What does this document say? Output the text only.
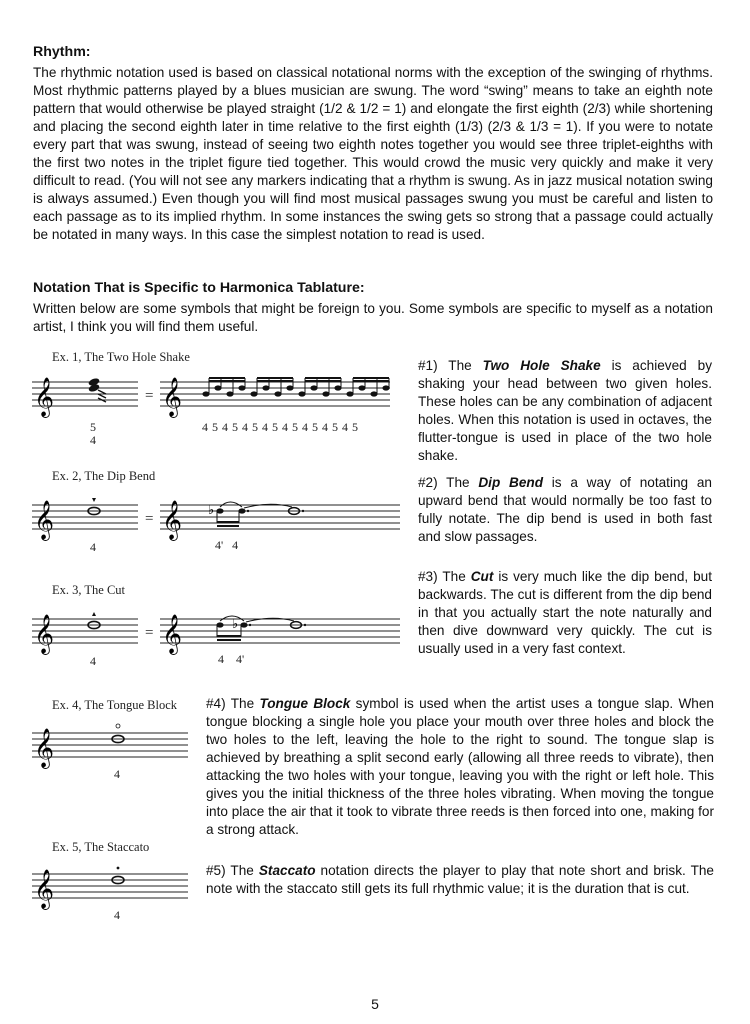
Rhythm:
The rhythmic notation used is based on classical notational norms with the exception of the swinging of rhythms. Most rhythmic patterns played by a blues musician are swung. The word “swing” means to take an eighth note pattern that would otherwise be played straight (1/2 & 1/2 = 1) and elongate the first eighth (2/3) while shortening and placing the second eighth later in time relative to the first eighth (1/3) (2/3 & 1/3 = 1). If you were to notate every part that was swung, instead of seeing two eighth notes together you would see three triplet-eighths with the first two notes in the triplet figure tied together. This would crowd the music very quickly and make it very difficult to read. (You will not see any markers indicating that a rhythm is swung. As in jazz musical notation swing is always assumed.) Even though you will find most musical passages swung you must be careful and listen to each passage as to its implied rhythm. In some instances the swing gets so strong that a passage could actually be notated in many ways. In this case the simplest notation to read is used.
Notation That is Specific to Harmonica Tablature:
Written below are some symbols that might be foreign to you. Some symbols are specific to myself as a notation artist, I think you will find them useful.
Ex. 1, The Two Hole Shake
𝄞
5
4
= 𝄞
4 5 4 5 4 5 4 5 4 5 4 5 4 5 4 5
#1) The Two Hole Shake is achieved by shaking your head between two given holes. These holes can be any combination of adjacent holes. When this notation is used in octaves, the flutter-tongue is used in place of the two hole shake.
Ex. 2, The Dip Bend
𝄞
4
= 𝄞 ♭
4'   4
#2) The Dip Bend is a way of notating an upward bend that would normally be too fast to fully notate. The dip bend is used in both fast and slow passages.
Ex. 3, The Cut
𝄞
4
= 𝄞	♭
4    4'
#3) The Cut is very much like the dip bend, but backwards. The cut is different from the dip bend in that you actually start the note naturally and then dive downward very quickly. The cut is usually used in a very fast context.
Ex. 4, The Tongue Block
𝄞
4
#4) The Tongue Block symbol is used when the artist uses a tongue slap. When tongue blocking a single hole you place your mouth over three holes and block the two holes to the left, leaving the hole to the right to sound. The tongue slap is achieved by breathing a split second early (allowing all three reeds to vibrate), then attacking the two holes with your tongue, leaving you with the right or left hole. This gives you the initial thickness of the three holes vibrating. When moving the tongue into place the air that it took to vibrate three reeds is then forced into one, making for a strong attack.
Ex. 5, The Staccato
𝄞
4
#5) The Staccato notation directs the player to play that note short and brisk. The note with the staccato still gets its full rhythmic value; it is the duration that is cut.
5
